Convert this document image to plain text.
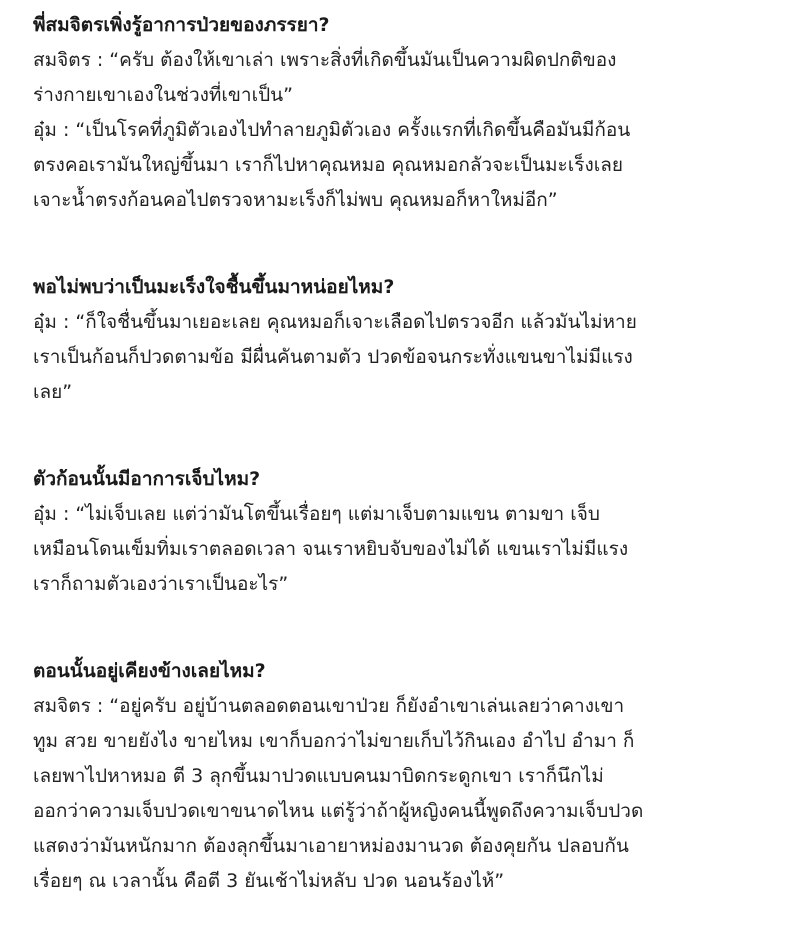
พี่สมจิตรเพิ่งรู้อาการป่วยของภรรยา?

สมจิตร : “ครับ ต้องให้เขาเล่า เพราะสิ่งที่เกิดขึ้นมันเป็นความผิดปกติของ
ร่างกายเขาเองในช่วงที่เขาเป็น”

อุ๋ม : “เป็นโรคที่ภูมิตัวเองไปทำลายภูมิตัวเอง ครั้งแรกที่เกิดขึ้นคือมันมีก้อน
ตรงคอเรามันใหญ่ขึ้นมา เราก็ไปหาคุณหมอ คุณหมอกลัวจะเป็นมะเร็งเลย
เจาะน้ำตรงก้อนคอไปตรวจหามะเร็งก็ไม่พบ คุณหมอก็หาใหม่อีก”

พอไม่พบว่าเป็นมะเร็งใจชื้นขึ้นมาหน่อยไหม?

อุ๋ม : “ก็ใจชื่นขึ้นมาเยอะเลย คุณหมอก็เจาะเลือดไปตรวจอีก แล้วมันไม่หาย
เราเป็นก้อนก็ปวดตามข้อ มีผื่นคันตามตัว ปวดข้อจนกระทั่งแขนขาไม่มีแรง
เลย”

ตัวก้อนนั้นมีอาการเจ็บไหม?

อุ๋ม : “ไม่เจ็บเลย แต่ว่ามันโตขึ้นเรื่อยๆ แต่มาเจ็บตามแขน ตามขา เจ็บ
เหมือนโดนเข็มทิ่มเราตลอดเวลา จนเราหยิบจับของไม่ได้ แขนเราไม่มีแรง
เราก็ถามตัวเองว่าเราเป็นอะไร”

ตอนนั้นอยู่เคียงข้างเลยไหม?

สมจิตร : “อยู่ครับ อยู่บ้านตลอดตอนเขาป่วย ก็ยังอำเขาเล่นเลยว่าคางเขา
ทูม สวย ขายยังไง ขายไหม เขาก็บอกว่าไม่ขายเก็บไว้กินเอง อำไป อำมา ก็
เลยพาไปหาหมอ ตี 3 ลุกขึ้นมาปวดแบบคนมาบิดกระดูกเขา เราก็นึกไม่
ออกว่าความเจ็บปวดเขาขนาดไหน แต่รู้ว่าถ้าผู้หญิงคนนี้พูดถึงความเจ็บปวด
แสดงว่ามันหนักมาก ต้องลุกขึ้นมาเอายาหม่องมานวด ต้องคุยกัน ปลอบกัน
เรื่อยๆ ณ เวลานั้น คือตี 3 ยันเช้าไม่หลับ ปวด นอนร้องไห้”
